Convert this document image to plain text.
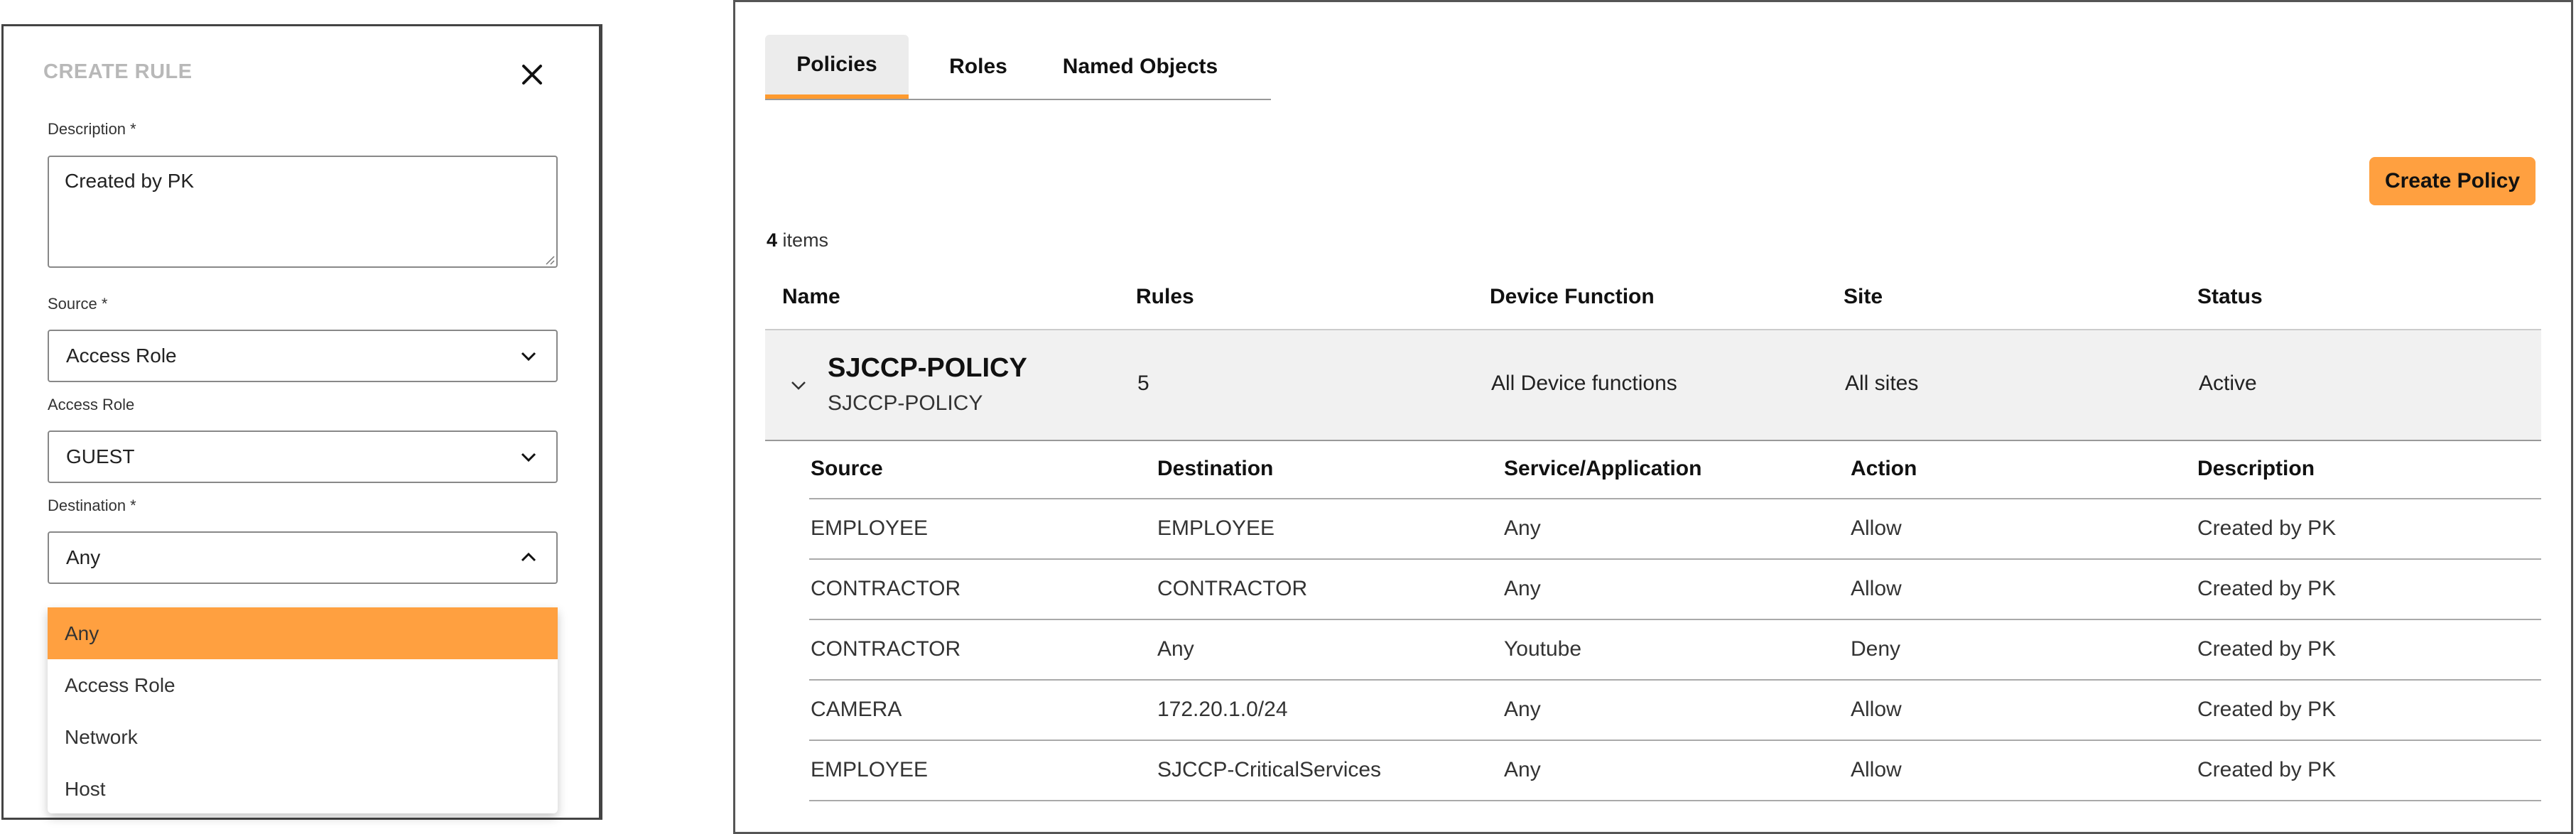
CREATE RULE
Description *
Created by PK
Source *
Access Role
Access Role
GUEST
Destination *
Any
Any
Access Role
Network
Host
Policies	Roles	Named Objects
Create Policy
4 items
Name	Rules	Device Function	Site	Status
SJCCP-POLICY
SJCCP-POLICY
5	All Device functions	All sites	Active
Source	Destination	Service/Application	Action	Description
EMPLOYEE	EMPLOYEE	Any	Allow	Created by PK
CONTRACTOR	CONTRACTOR	Any	Allow	Created by PK
CONTRACTOR	Any	Youtube	Deny	Created by PK
CAMERA	172.20.1.0/24	Any	Allow	Created by PK
EMPLOYEE	SJCCP-CriticalServices	Any	Allow	Created by PK
